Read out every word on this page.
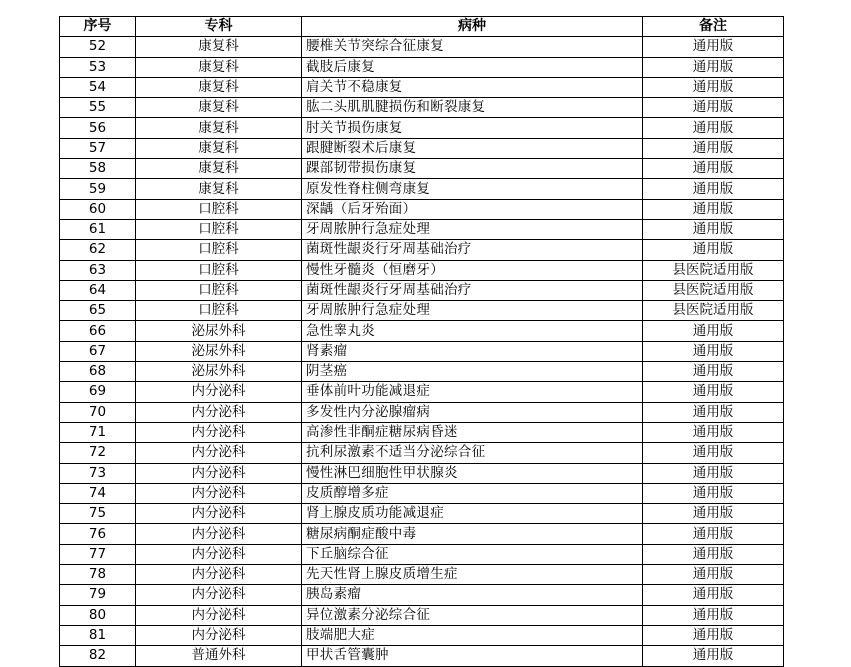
序号	专科	病种	备注
52	康复科	腰椎关节突综合征康复	通用版
53	康复科	截肢后康复	通用版
54	康复科	肩关节不稳康复	通用版
55	康复科	肱二头肌肌腱损伤和断裂康复	通用版
56	康复科	肘关节损伤康复	通用版
57	康复科	跟腱断裂术后康复	通用版
58	康复科	踝部韧带损伤康复	通用版
59	康复科	原发性脊柱侧弯康复	通用版
60	口腔科	深龋（后牙殆面）	通用版
61	口腔科	牙周脓肿行急症处理	通用版
62	口腔科	菌斑性龈炎行牙周基础治疗	通用版
63	口腔科	慢性牙髓炎（恒磨牙）	县医院适用版
64	口腔科	菌斑性龈炎行牙周基础治疗	县医院适用版
65	口腔科	牙周脓肿行急症处理	县医院适用版
66	泌尿外科	急性睾丸炎	通用版
67	泌尿外科	肾素瘤	通用版
68	泌尿外科	阴茎癌	通用版
69	内分泌科	垂体前叶功能减退症	通用版
70	内分泌科	多发性内分泌腺瘤病	通用版
71	内分泌科	高渗性非酮症糖尿病昏迷	通用版
72	内分泌科	抗利尿激素不适当分泌综合征	通用版
73	内分泌科	慢性淋巴细胞性甲状腺炎	通用版
74	内分泌科	皮质醇增多症	通用版
75	内分泌科	肾上腺皮质功能减退症	通用版
76	内分泌科	糖尿病酮症酸中毒	通用版
77	内分泌科	下丘脑综合征	通用版
78	内分泌科	先天性肾上腺皮质增生症	通用版
79	内分泌科	胰岛素瘤	通用版
80	内分泌科	异位激素分泌综合征	通用版
81	内分泌科	肢端肥大症	通用版
82	普通外科	甲状舌管囊肿	通用版
